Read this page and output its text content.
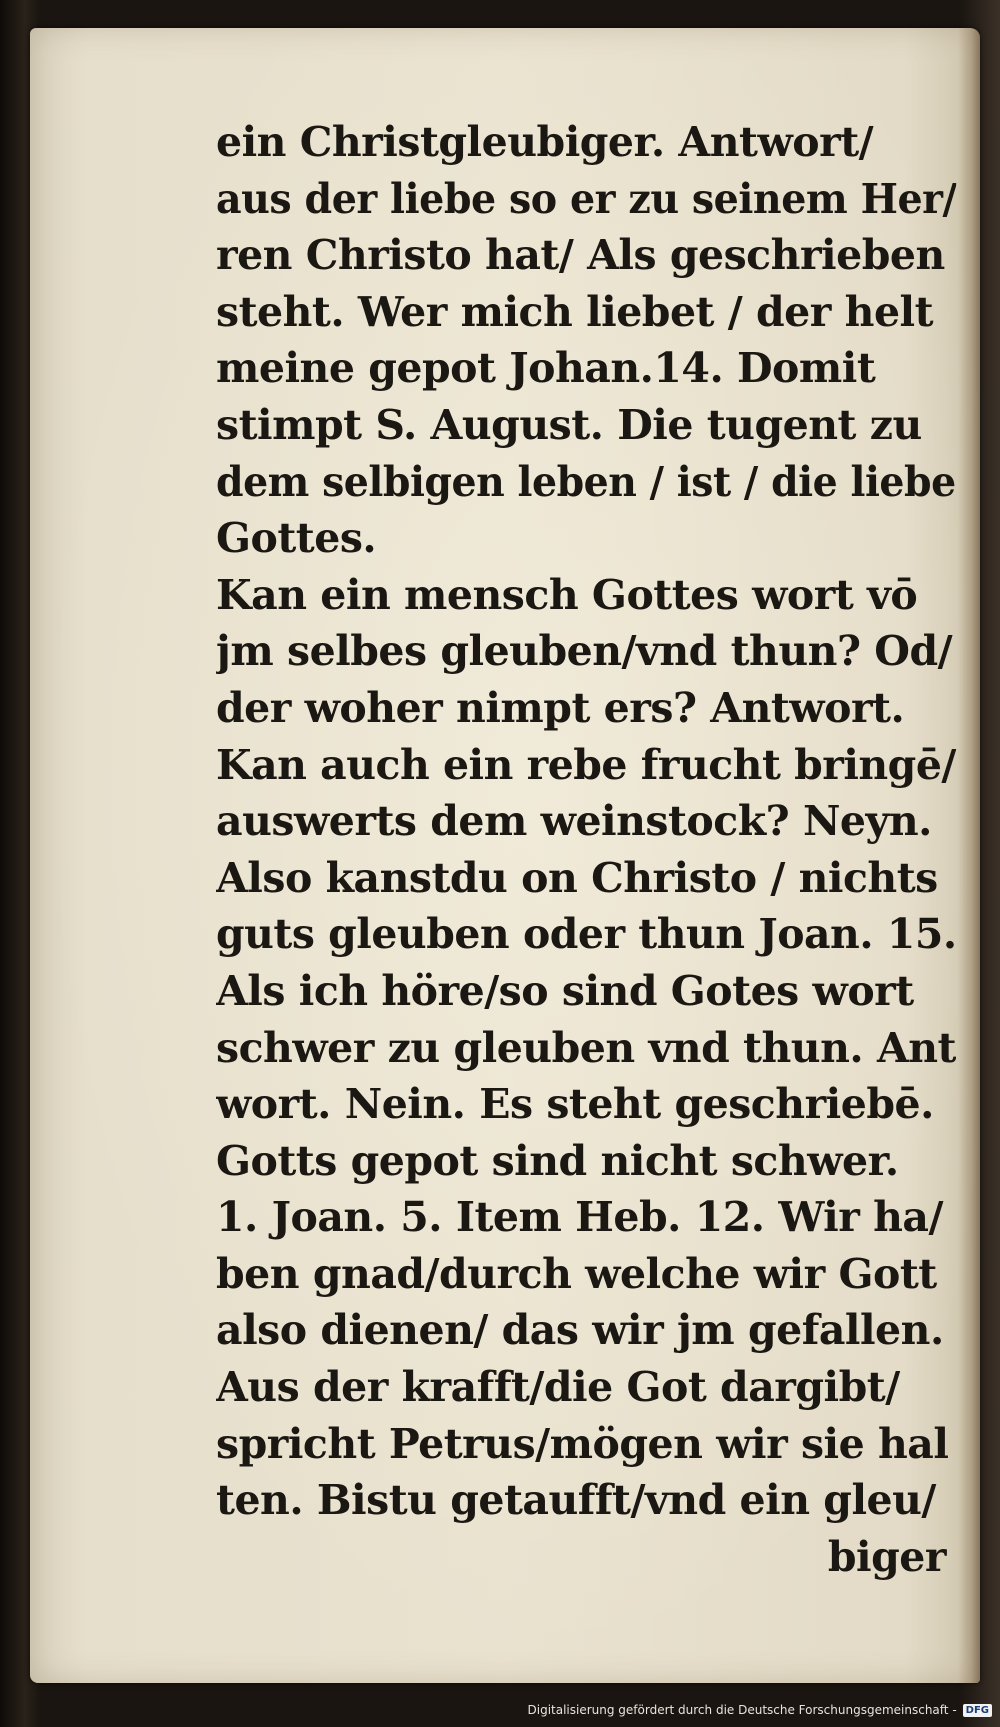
ein Christgleubiger. Antwort/
aus der liebe so er zu seinem Her/
ren Christo hat/ Als geschrieben
steht. Wer mich liebet / der helt
meine gepot Johan.14. Domit
stimpt S. August. Die tugent zu
dem selbigen leben / ist / die liebe
Gottes.
Kan ein mensch Gottes wort vō
jm selbes gleuben/vnd thun? Od/
der woher nimpt ers? Antwort.
Kan auch ein rebe frucht bringē/
auswerts dem weinstock? Neyn.
Also kanstdu on Christo / nichts
guts gleuben oder thun Joan. 15.
Als ich höre/so sind Gotes wort
schwer zu gleuben vnd thun. Ant
wort. Nein. Es steht geschriebē.
Gotts gepot sind nicht schwer.
1. Joan. 5. Item Heb. 12. Wir ha/
ben gnad/durch welche wir Gott
also dienen/ das wir jm gefallen.
Aus der krafft/die Got dargibt/
spricht Petrus/mögen wir sie hal
ten. Bistu getaufft/vnd ein gleu/
biger
Digitalisierung gefördert durch die Deutsche Forschungsgemeinschaft - DFG
